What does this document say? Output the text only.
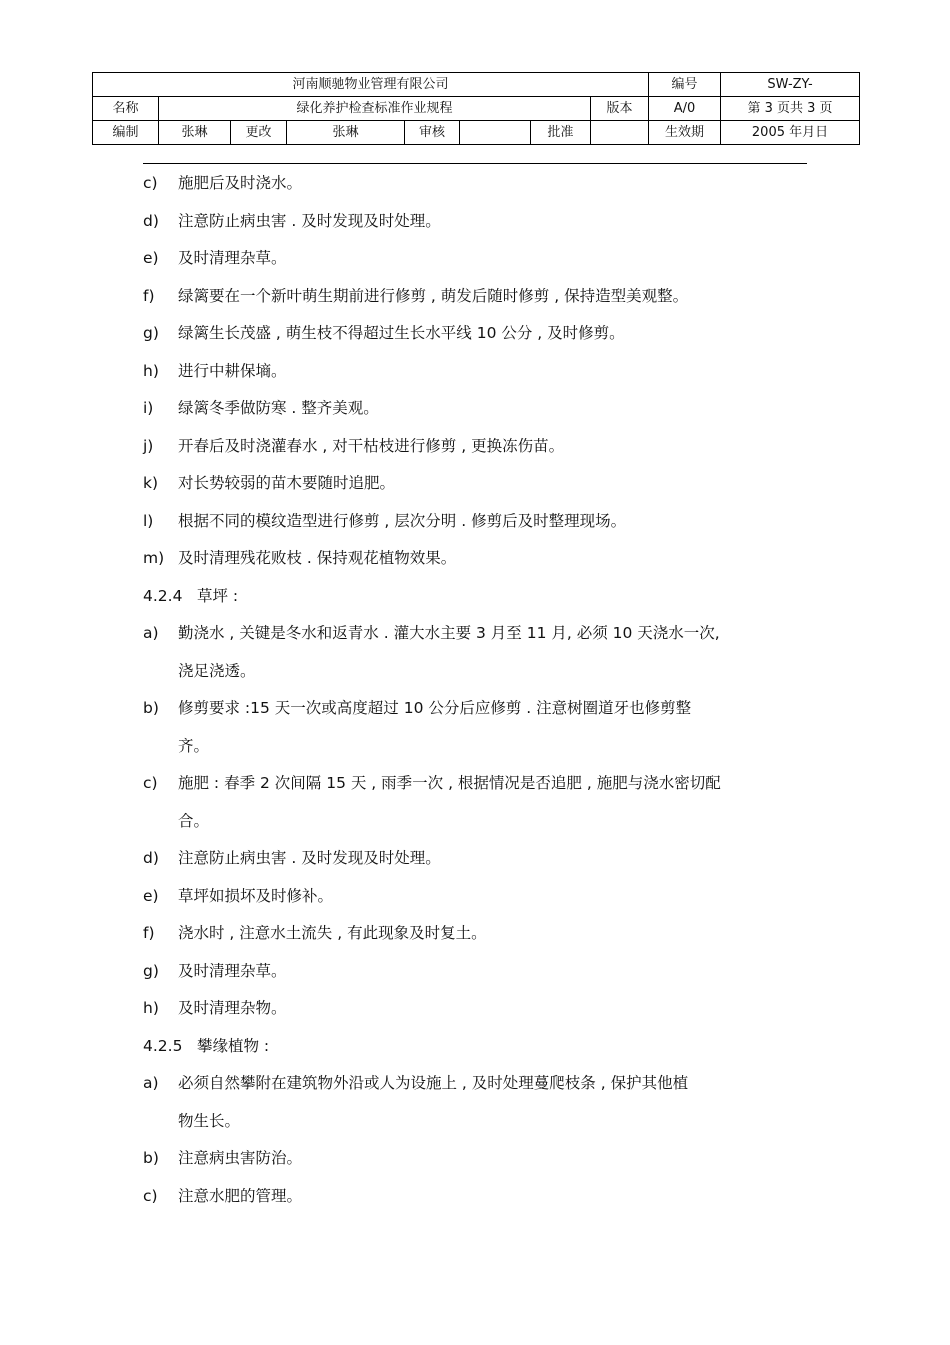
河南顺驰物业管理有限公司								编号	SW-ZY-
名称	绿化养护检查标准作业规程						版本	A/0	第 3 页共 3 页
编制	张琳	更改	张琳	审核		批准		生效期	2005 年月日
c) 施肥后及时浇水。
d) 注意防止病虫害 . 及时发现及时处理。
e) 及时清理杂草。
f) 绿篱要在一个新叶萌生期前进行修剪 , 萌发后随时修剪 , 保持造型美观整。
g) 绿篱生长茂盛 , 萌生枝不得超过生长水平线 10 公分 , 及时修剪。
h) 进行中耕保墒。
i) 绿篱冬季做防寒 . 整齐美观。
j) 开春后及时浇灌春水 , 对干枯枝进行修剪 , 更换冻伤苗。
k) 对长势较弱的苗木要随时追肥。
l) 根据不同的模纹造型进行修剪 , 层次分明 . 修剪后及时整理现场。
m) 及时清理残花败枝 . 保持观花植物效果。
4.2.4 草坪 :
a) 勤浇水 , 关键是冬水和返青水 . 灌大水主要 3 月至 11 月, 必须 10 天浇水一次,
浇足浇透。
b) 修剪要求 :15 天一次或高度超过 10 公分后应修剪 . 注意树圈道牙也修剪整
齐。
c) 施肥 : 春季 2 次间隔 15 天 , 雨季一次 , 根据情况是否追肥 , 施肥与浇水密切配
合。
d) 注意防止病虫害 . 及时发现及时处理。
e) 草坪如损坏及时修补。
f) 浇水时 , 注意水土流失 , 有此现象及时复土。
g) 及时清理杂草。
h) 及时清理杂物。
4.2.5 攀缘植物 :
a) 必须自然攀附在建筑物外沿或人为设施上 , 及时处理蔓爬枝条 , 保护其他植
物生长。
b) 注意病虫害防治。
c) 注意水肥的管理。
